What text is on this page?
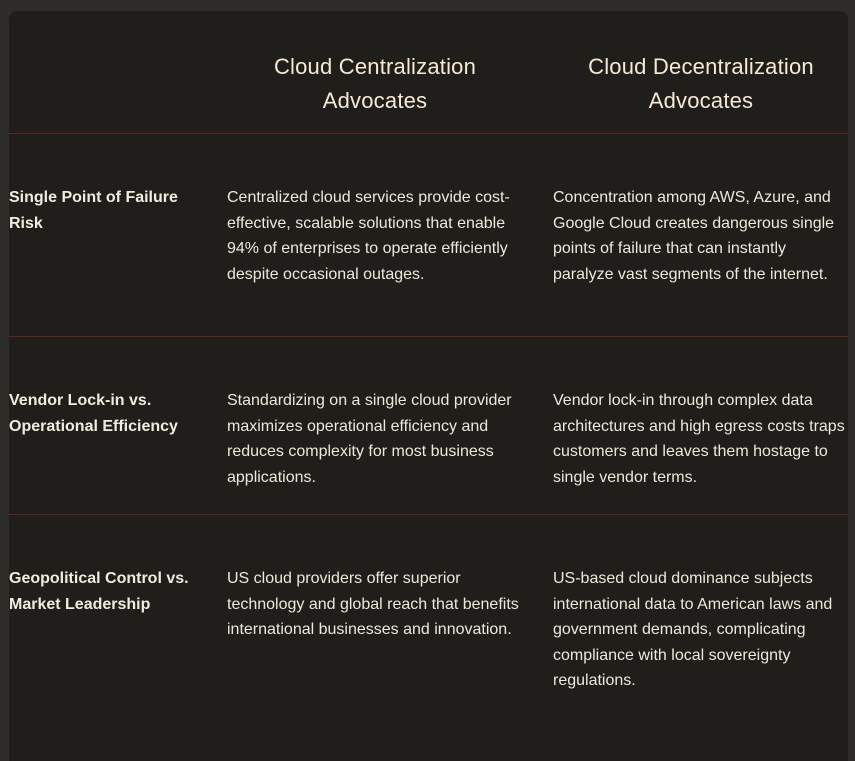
Cloud Centralization Advocates
Cloud Decentralization Advocates
Single Point of Failure Risk
Centralized cloud services provide cost-effective, scalable solutions that enable 94% of enterprises to operate efficiently despite occasional outages.
Concentration among AWS, Azure, and Google Cloud creates dangerous single points of failure that can instantly paralyze vast segments of the internet.
Vendor Lock-in vs. Operational Efficiency
Standardizing on a single cloud provider maximizes operational efficiency and reduces complexity for most business applications.
Vendor lock-in through complex data architectures and high egress costs traps customers and leaves them hostage to single vendor terms.
Geopolitical Control vs. Market Leadership
US cloud providers offer superior technology and global reach that benefits international businesses and innovation.
US-based cloud dominance subjects international data to American laws and government demands, complicating compliance with local sovereignty regulations.
